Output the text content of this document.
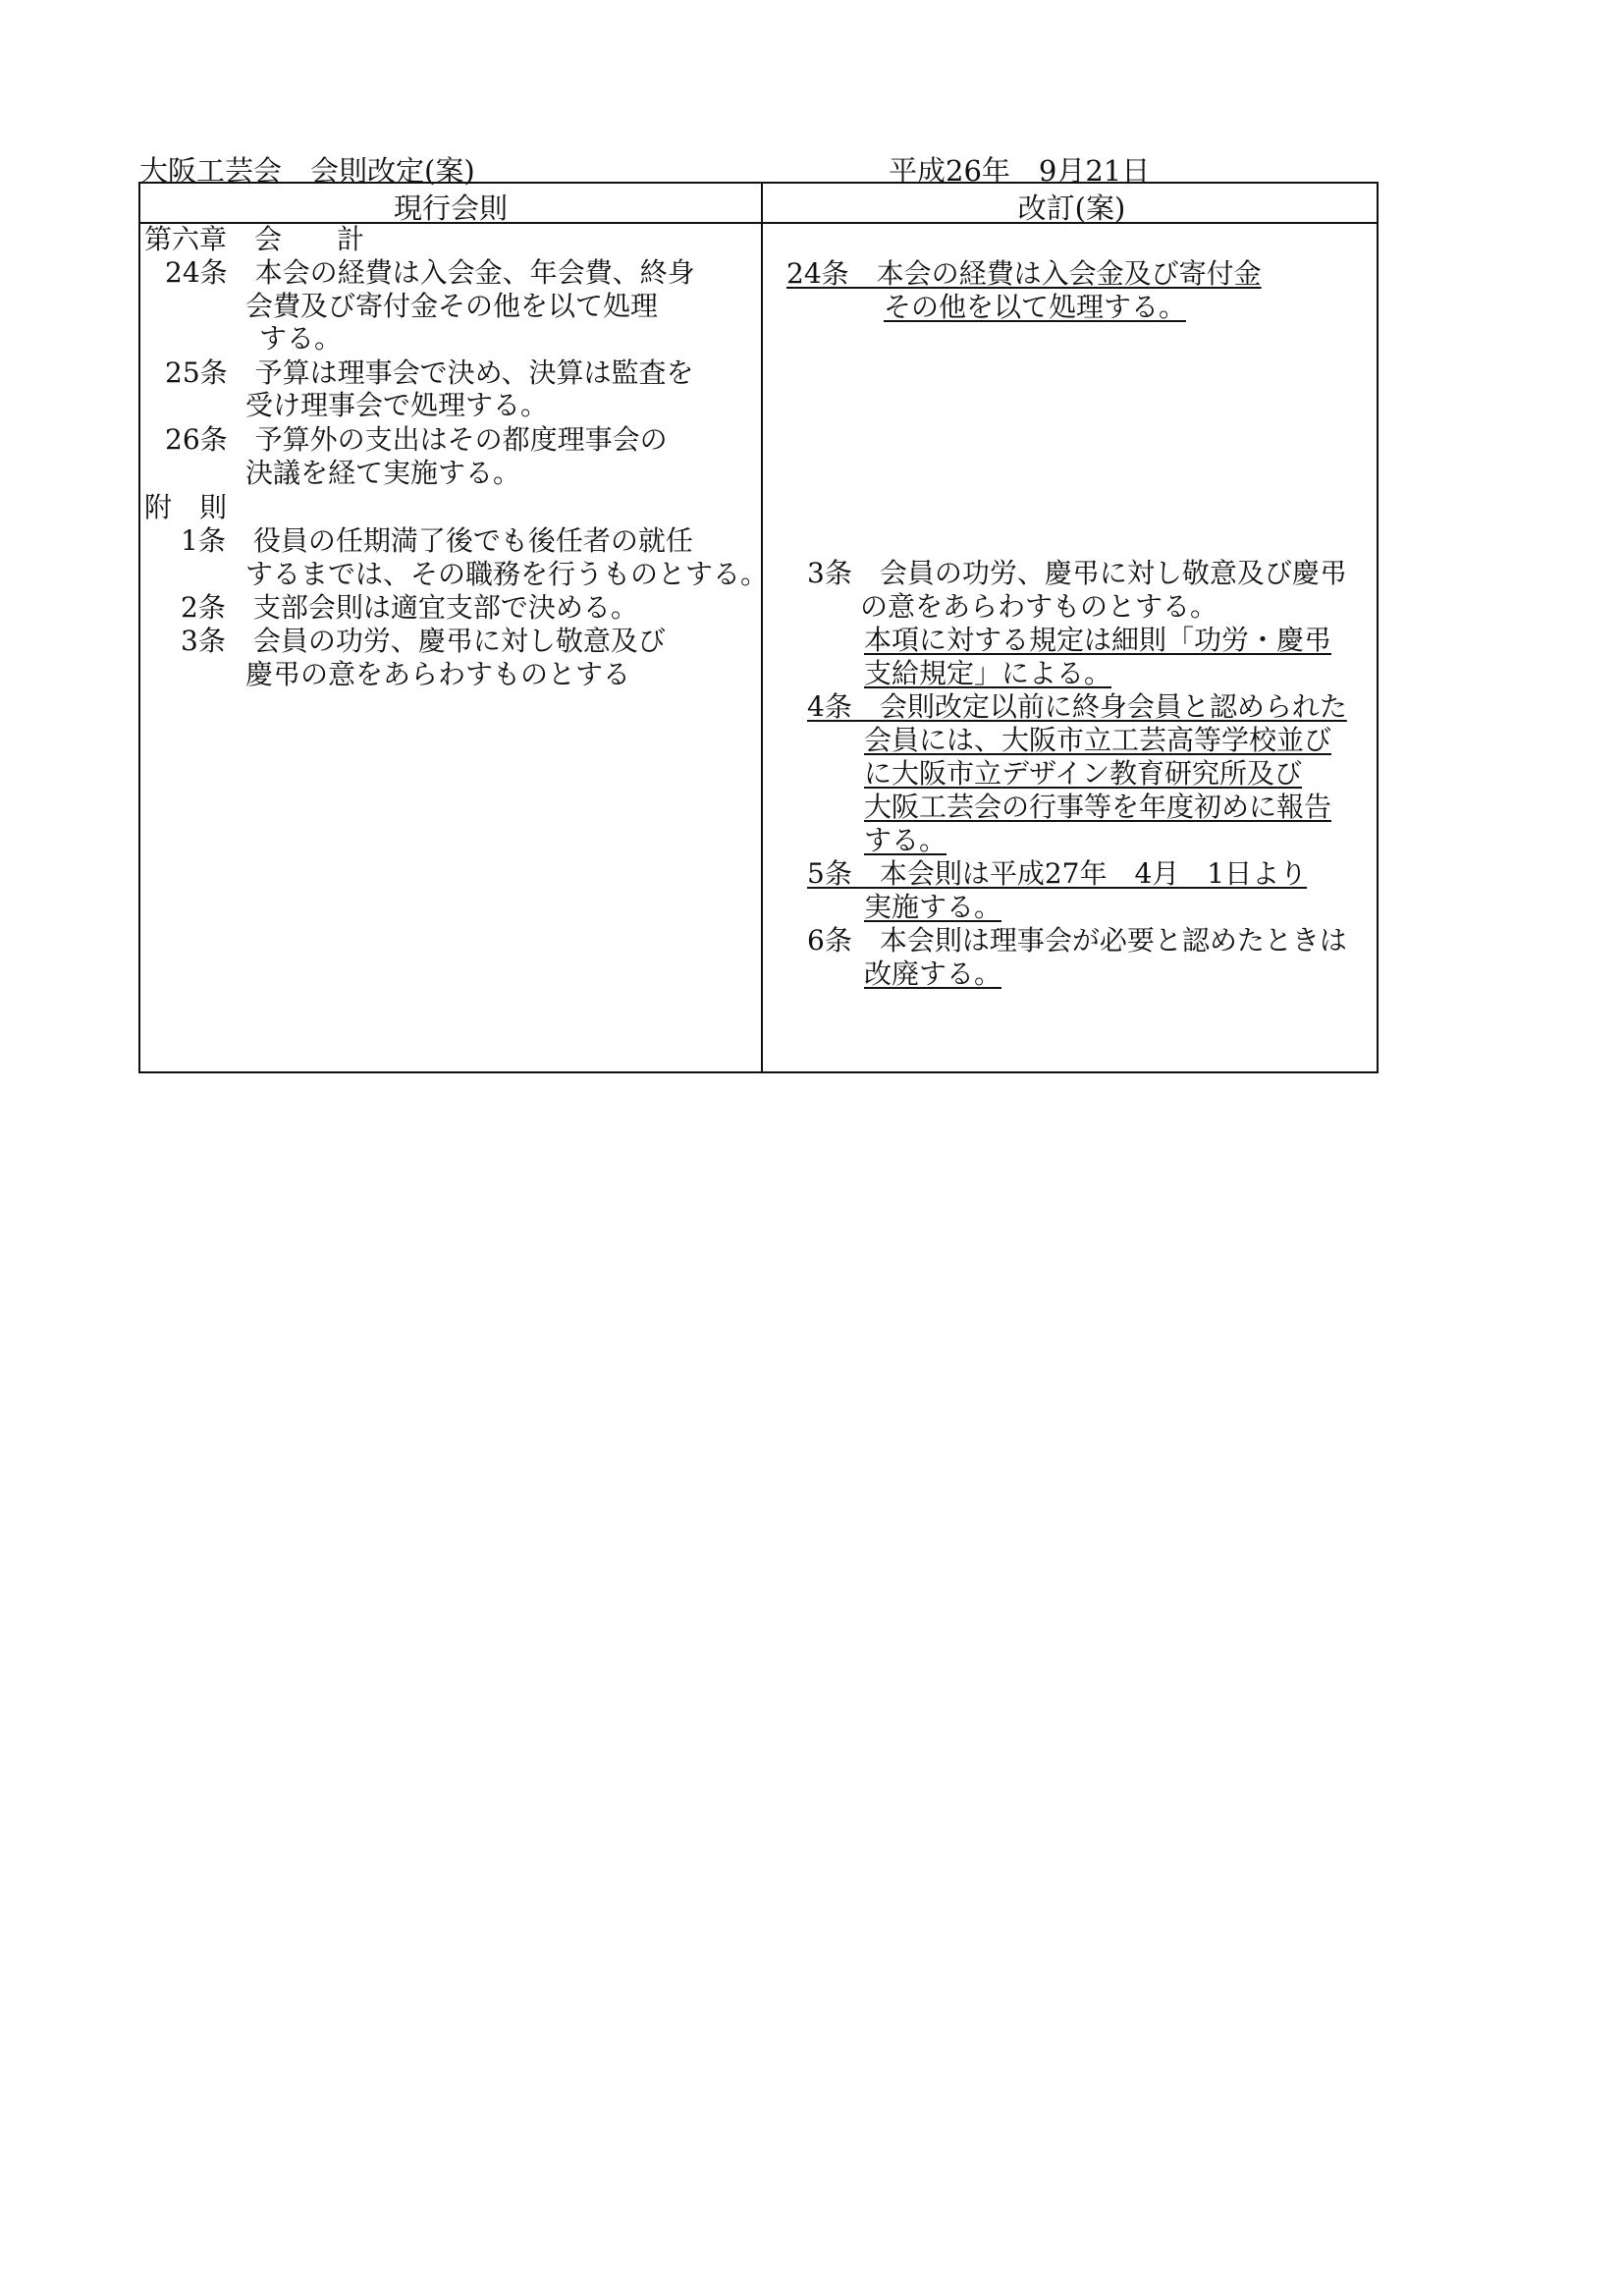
大阪工芸会　会則改定(案)	平成26年　9月21日
現行会則	改訂(案)
第六章　会　　計
24条　本会の経費は入会金、年会費、終身
会費及び寄付金その他を以て処理
する。
25条　予算は理事会で決め、決算は監査を
受け理事会で処理する。
26条　予算外の支出はその都度理事会の
決議を経て実施する。
附　則
1条　役員の任期満了後でも後任者の就任
するまでは、その職務を行うものとする。
2条　支部会則は適宜支部で決める。
3条　会員の功労、慶弔に対し敬意及び
慶弔の意をあらわすものとする
24条　本会の経費は入会金及び寄付金
その他を以て処理する。
3条　会員の功労、慶弔に対し敬意及び慶弔
の意をあらわすものとする。
本項に対する規定は細則「功労・慶弔
支給規定」による。
4条　会則改定以前に終身会員と認められた
会員には、大阪市立工芸高等学校並び
に大阪市立デザイン教育研究所及び
大阪工芸会の行事等を年度初めに報告
する。
5条　本会則は平成27年　4月　1日より
実施する。
6条　本会則は理事会が必要と認めたときは
改廃する。
